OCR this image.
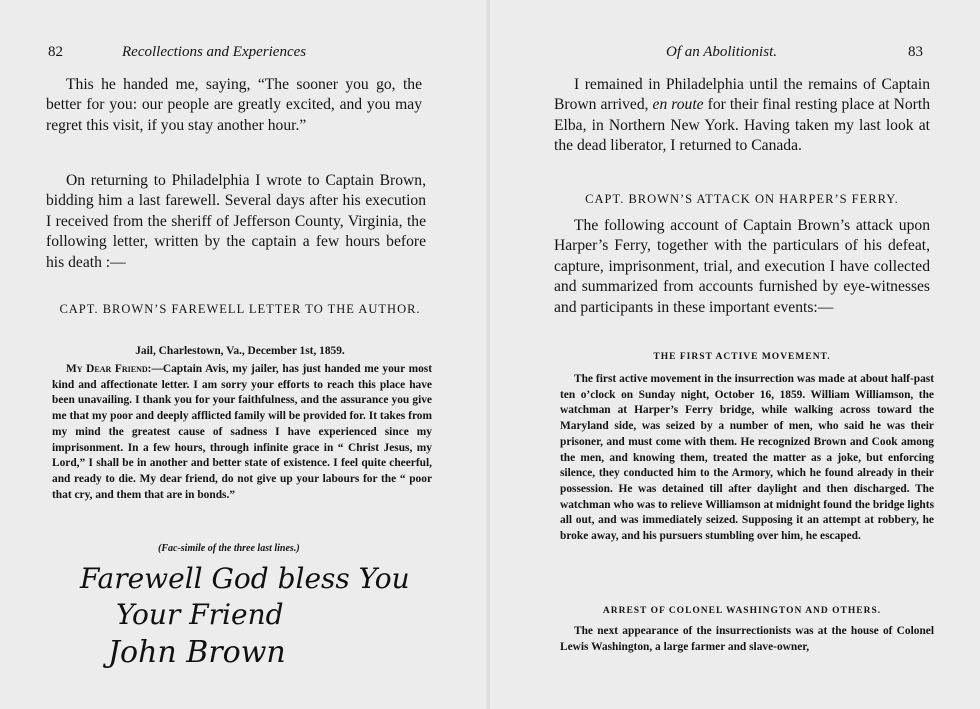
82	Recollections and Experiences

This he handed me, saying, “The sooner you go, the better for you: our people are greatly excited, and you may regret this visit, if you stay another hour.”

On returning to Philadelphia I wrote to Captain Brown, bidding him a last farewell. Several days after his execution I received from the sheriff of Jefferson County, Virginia, the following letter, written by the captain a few hours before his death :—

CAPT. BROWN’S FAREWELL LETTER TO THE AUTHOR.
Jail, Charlestown, Va., December 1st, 1859.

My Dear Friend:—Captain Avis, my jailer, has just handed me your most kind and affectionate letter. I am sorry your efforts to reach this place have been unavailing. I thank you for your faithfulness, and the assurance you give me that my poor and deeply afflicted family will be provided for. It takes from my mind the greatest cause of sadness I have experienced since my imprisonment. In a few hours, through infinite grace in “ Christ Jesus, my Lord,” I shall be in another and better state of existence. I feel quite cheerful, and ready to die. My dear friend, do not give up your labours for the “ poor that cry, and them that are in bonds.”

(Fac-simile of the three last lines.)
Farewell God bless You
Your Friend
John Brown
Of an Abolitionist.	83

I remained in Philadelphia until the remains of Captain Brown arrived, en route for their final resting place at North Elba, in Northern New York. Having taken my last look at the dead liberator, I returned to Canada.

CAPT. BROWN’S ATTACK ON HARPER’S FERRY.

The following account of Captain Brown’s attack upon Harper’s Ferry, together with the particulars of his defeat, capture, imprisonment, trial, and execution I have collected and summarized from accounts furnished by eye-witnesses and participants in these important events:—

THE FIRST ACTIVE MOVEMENT.

The first active movement in the insurrection was made at about half-past ten o’clock on Sunday night, October 16, 1859. William Williamson, the watchman at Harper’s Ferry bridge, while walking across toward the Maryland side, was seized by a number of men, who said he was their prisoner, and must come with them. He recognized Brown and Cook among the men, and knowing them, treated the matter as a joke, but enforcing silence, they conducted him to the Armory, which he found already in their possession. He was detained till after daylight and then discharged. The watchman who was to relieve Williamson at midnight found the bridge lights all out, and was immediately seized. Supposing it an attempt at robbery, he broke away, and his pursuers stumbling over him, he escaped.

ARREST OF COLONEL WASHINGTON AND OTHERS.

The next appearance of the insurrectionists was at the house of Colonel Lewis Washington, a large farmer and slave-owner,
